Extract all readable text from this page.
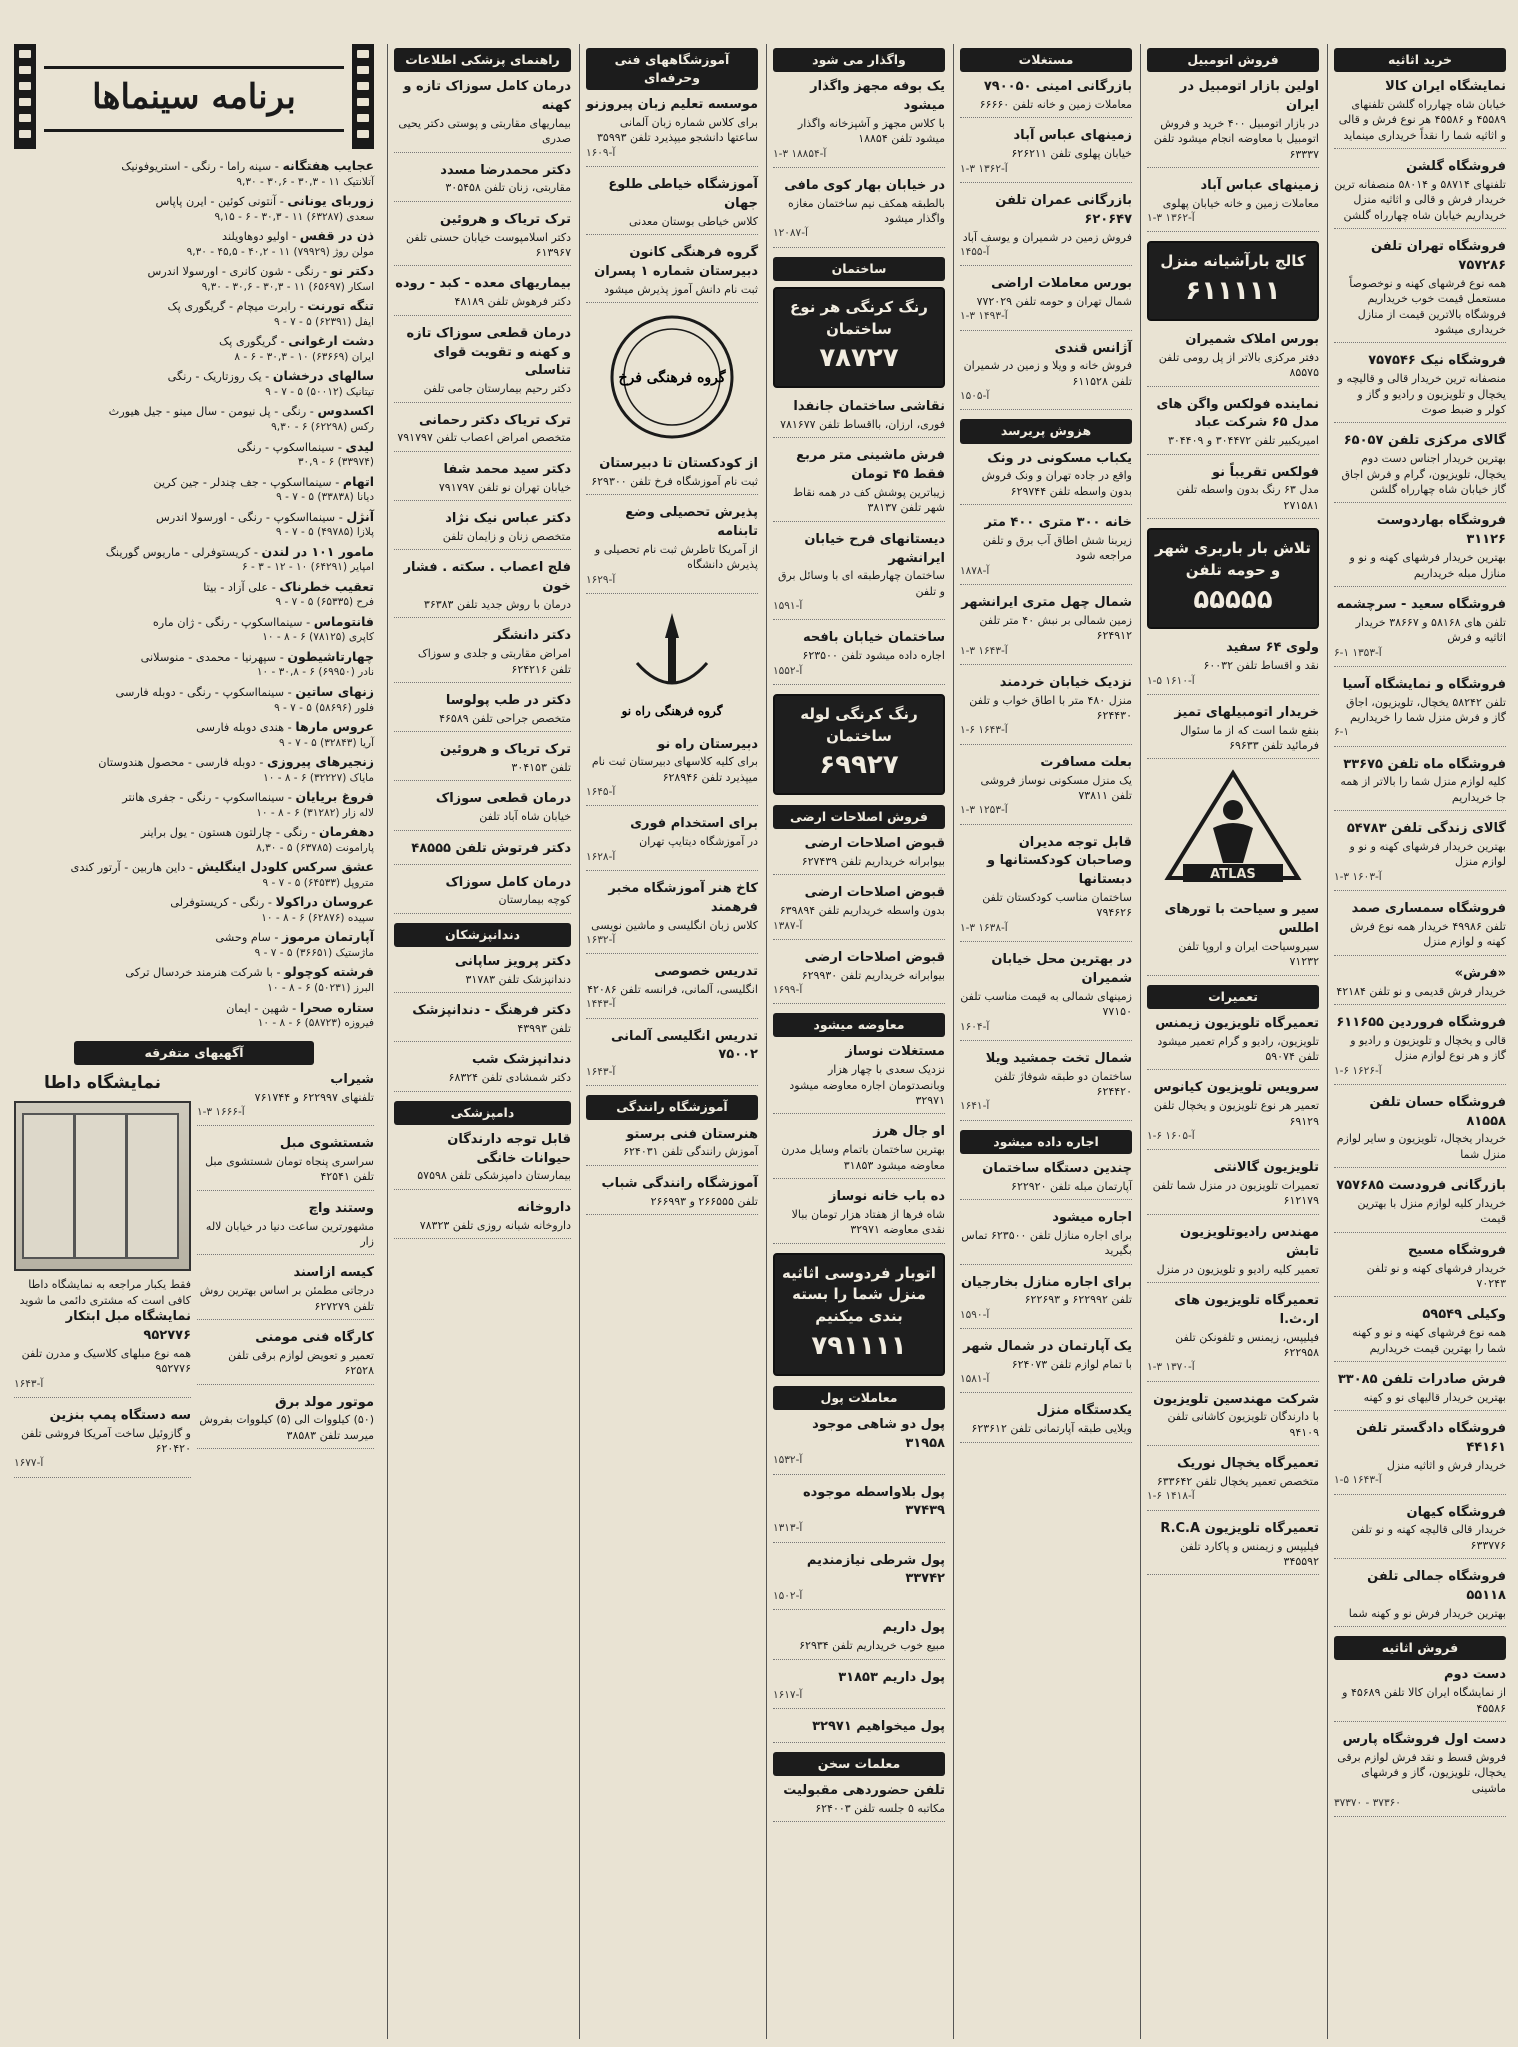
خرید اثاثیه
نمایشگاه ایران کالا
خیابان شاه چهارراه گلشن تلفنهای ۴۵۵۸۹ و ۴۵۵۸۶ هر نوع فرش و قالی و اثاثیه شما را نقداً خریداری مینماید
فروشگاه گلشن
تلفنهای ۵۸۷۱۴ و ۵۸۰۱۴ منصفانه ترین خریدار فرش و قالی و اثاثیه منزل خریداریم خیابان شاه چهارراه گلشن
فروشگاه تهران تلفن ۷۵۷۲۸۶
همه نوع فرشهای کهنه و نوخصوصاً مستعمل قیمت خوب خریداریم فروشگاه بالاترین قیمت از منازل خریداری میشود
فروشگاه نیک ۷۵۷۵۴۶
منصفانه ترین خریدار قالی و قالیچه و یخچال و تلویزیون و رادیو و گاز و کولر و ضبط صوت
گالای مرکزی تلفن ۶۵۰۵۷
بهترین خریدار اجناس دست دوم یخچال، تلویزیون، گرام و فرش اجاق گاز خیابان شاه چهارراه گلشن
فروشگاه بهاردوست ۳۱۱۲۶
بهترین خریدار فرشهای کهنه و نو و منازل مبله خریداریم
فروشگاه سعید - سرچشمه
تلفن های ۵۸۱۶۸ و ۳۸۶۶۷ خریدار اثاثیه و فرش
۶-۱ آ-۱۳۵۳
فروشگاه و نمایشگاه آسیا
تلفن ۵۸۲۴۲ یخچال، تلویزیون، اجاق گاز و فرش منزل شما را خریداریم
۶-۱
فروشگاه ماه تلفن ۳۳۶۷۵
کلیه لوازم منزل شما را بالاتر از همه جا خریداریم
گالای زندگی تلفن ۵۴۷۸۳
بهترین خریدار فرشهای کهنه و نو و لوازم منزل
۱-۳ آ-۱۶۰۳
فروشگاه سمساری صمد
تلفن ۴۹۹۸۶ خریدار همه نوع فرش کهنه و لوازم منزل
«فرش»
خریدار فرش قدیمی و نو تلفن ۴۲۱۸۴
فروشگاه فروردین ۶۱۱۶۵۵
قالی و یخچال و تلویزیون و رادیو و گاز و هر نوع لوازم منزل
۱-۶ آ-۱۶۲۶
فروشگاه حسان تلفن ۸۱۵۵۸
خریدار یخچال، تلویزیون و سایر لوازم منزل شما
بازرگانی فرودست ۷۵۷۶۸۵
خریدار کلیه لوازم منزل با بهترین قیمت
فروشگاه مسیح
خریدار فرشهای کهنه و نو تلفن ۷۰۲۴۳
وکیلی ۵۹۵۴۹
همه نوع فرشهای کهنه و نو و کهنه شما را بهترین قیمت خریداریم
فرش صادرات تلفن ۳۳۰۸۵
بهترین خریدار قالیهای نو و کهنه
فروشگاه دادگستر تلفن ۴۴۱۶۱
خریدار فرش و اثاثیه منزل
۱-۵ آ-۱۶۴۳
فروشگاه کیهان
خریدار قالی قالیچه کهنه و نو تلفن ۶۳۳۷۷۶
فروشگاه جمالی تلفن ۵۵۱۱۸
بهترین خریدار فرش نو و کهنه شما
فروش اثاثیه
دست دوم
از نمایشگاه ایران کالا تلفن ۴۵۶۸۹ و ۴۵۵۸۶
دست اول فروشگاه پارس
فروش قسط و نقد فرش لوازم برقی یخچال، تلویزیون، گاز و فرشهای ماشینی
۳۷۳۷۰ - ۳۷۳۶۰
فروش اتومبیل
اولین بازار اتومبیل در ایران
در بازار اتومبیل ۴۰۰ خرید و فروش اتومبیل با معاوضه انجام میشود تلفن ۶۳۳۳۷
زمینهای عباس آباد
معاملات زمین و خانه خیابان پهلوی
۱-۳ آ-۱۳۶۲
کالج بارآشیانه منزل
۶۱۱۱۱۱
بورس املاک شمیران
دفتر مرکزی بالاتر از پل رومی تلفن ۸۵۵۷۵
نماینده فولکس واگن های مدل ۶۵ شرکت عباد
امیریکبیر تلفن ۳۰۴۴۷۲ و ۳۰۴۴۰۹
فولکس تقریباً نو
مدل ۶۳ رنگ بدون واسطه تلفن ۲۷۱۵۸۱
تلاش بار باربری شهر و حومه تلفن
۵۵۵۵۵
ولوی ۶۴ سفید
نقد و اقساط تلفن ۶۰۰۳۲
۱-۵ آ-۱۶۱۰
خریدار اتومبیلهای تمیز
بنفع شما است که از ما سئوال فرمائید تلفن ۶۹۶۳۳
ATLAS
سیر و سیاحت با تورهای اطلس
سیروسیاحت ایران و اروپا تلفن ۷۱۲۳۲
تعمیرات
تعمیرگاه تلویزیون زیمنس
تلویزیون، رادیو و گرام تعمیر میشود تلفن ۵۹۰۷۴
سرویس تلویزیون کیانوس
تعمیر هر نوع تلویزیون و یخچال تلفن ۶۹۱۲۹
۱-۶ آ-۱۶۰۵
تلویزیون گالانتی
تعمیرات تلویزیون در منزل شما تلفن ۶۱۲۱۷۹
مهندس رادیوتلویزیون تابش
تعمیر کلیه رادیو و تلویزیون در منزل
تعمیرگاه تلویزیون های ار.ث.ا
فیلیپس، زیمنس و تلفونکن تلفن ۶۲۲۹۵۸
۱-۳ آ-۱۳۷۰
شرکت مهندسین تلویزیون
با دارندگان تلویزیون کاشانی تلفن ۹۴۱۰۹
تعمیرگاه یخچال نوریک
متخصص تعمیر یخچال تلفن ۶۳۳۶۴۲
۱-۶ آ-۱۴۱۸
تعمیرگاه تلویزیون R.C.A
فیلیپس و زیمنس و پاکارد تلفن ۳۴۵۵۹۲
مستغلات
بازرگانی امینی ۷۹۰۰۵۰
معاملات زمین و خانه تلفن ۶۶۶۶۰
زمینهای عباس آباد
خیابان پهلوی تلفن ۶۲۶۲۱۱
۱-۳ آ-۱۳۶۲
بازرگانی عمران تلفن ۶۲۰۶۴۷
فروش زمین در شمیران و یوسف آباد
آ-۱۴۵۵
بورس معاملات اراضی
شمال تهران و حومه تلفن ۷۷۲۰۲۹
۱-۳ آ-۱۴۹۳
آژانس قندی
فروش خانه و ویلا و زمین در شمیران تلفن ۶۱۱۵۲۸
آ-۱۵۰۵
هزوش پریرسد
یکباب مسکونی در ونک
واقع در جاده تهران و ونک فروش بدون واسطه تلفن ۶۲۹۷۴۴
خانه ۳۰۰ متری ۴۰۰ متر
زیربنا شش اطاق آب برق و تلفن مراجعه شود
آ-۱۸۷۸
شمال چهل متری ایرانشهر
زمین شمالی بر نبش ۴۰ متر تلفن ۶۲۴۹۱۲
۱-۳ آ-۱۶۴۳
نزدیک خیابان خردمند
منزل ۴۸۰ متر با اطاق خواب و تلفن ۶۲۴۴۳۰
۱-۶ آ-۱۶۴۳
بعلت مسافرت
یک منزل مسکونی نوساز فروشی تلفن ۷۳۸۱۱
۱-۳ آ-۱۲۵۳
قابل توجه مدیران وصاحبان کودکستانها و دبستانها
ساختمان مناسب کودکستان تلفن ۷۹۴۶۲۶
۱-۳ آ-۱۶۳۸
در بهترین محل خیابان شمیران
زمینهای شمالی به قیمت مناسب تلفن ۷۷۱۵۰
آ-۱۶۰۴
شمال تخت جمشید ویلا
ساختمان دو طبقه شوفاژ تلفن ۶۲۴۴۲۰
آ-۱۶۴۱
اجاره داده میشود
چندین دستگاه ساختمان
آپارتمان مبله تلفن ۶۲۲۹۲۰
اجاره میشود
برای اجاره منازل تلفن ۶۲۳۵۰۰ تماس بگیرید
برای اجاره منازل بخارجیان
تلفن ۶۲۲۹۹۲ و ۶۲۲۶۹۳
آ-۱۵۹۰
یک آپارتمان در شمال شهر
با تمام لوازم تلفن ۶۲۴۰۷۳
آ-۱۵۸۱
یکدستگاه منزل
ویلایی طبقه آپارتمانی تلفن ۶۲۳۶۱۲
واگذار می شود
یک بوفه مجهز واگذار میشود
با کلاس مجهز و آشپزخانه واگذار میشود تلفن ۱۸۸۵۴
۱-۳ آ-۱۸۸۵۴
در خیابان بهار کوی مافی
بالطبقه همکف نیم ساختمان مغازه واگذار میشود
آ-۱۲۰۸۷
ساختمان
رنگ کرنگی هر نوع ساختمان
۷۸۷۲۷
نقاشی ساختمان جانفدا
فوری، ارزان، بااقساط تلفن ۷۸۱۶۷۷
فرش ماشینی متر مربع فقط ۴۵ تومان
زیباترین پوشش کف در همه نقاط شهر تلفن ۳۸۱۳۷
دیستانهای فرح خیابان ایرانشهر
ساختمان چهارطبقه ای با وسائل برق و تلفن
آ-۱۵۹۱
ساختمان خیابان بافحه
اجاره داده میشود تلفن ۶۲۳۵۰۰
آ-۱۵۵۲
رنگ کرنگی لوله ساختمان
۶۹۹۲۷
فروش اصلاحات ارضی
قبوض اصلاحات ارضی
بیوابرانه خریداریم تلفن ۶۲۷۴۳۹
قبوض اصلاحات ارضی
بدون واسطه خریداریم تلفن ۶۳۹۸۹۴
آ-۱۳۸۷
قبوض اصلاحات ارضی
بیوابرانه خریداریم تلفن ۶۲۹۹۳۰
آ-۱۶۹۹
معاوضه میشود
مستغلات نوساز
نزدیک سعدی با چهار هزار وبانصدتومان اجاره معاوضه میشود ۳۲۹۷۱
او جال هرز
بهترین ساختمان باتمام وسایل مدرن معاوضه میشود ۳۱۸۵۳
ده باب خانه نوساز
شاه فرها از هفتاد هزار تومان ببالا نقدی معاوضه ۳۲۹۷۱
اتوبار فردوسی اثاثیه منزل شما را بسته بندی میکنیم
۷۹۱۱۱۱
معاملات پول
پول دو شاهی موجود ۳۱۹۵۸
آ-۱۵۳۲
پول بلاواسطه موجوده ۳۷۴۳۹
آ-۱۳۱۳
پول شرطی نیازمندیم ۳۳۷۴۲
آ-۱۵۰۲
پول داریم
مبیع خوب خریداریم تلفن ۶۲۹۳۴
پول داریم ۳۱۸۵۳
آ-۱۶۱۷
پول میخواهیم ۳۲۹۷۱
معلمات سخن
تلفن حضوردهی مقبولیت
مکاتبه ۵ جلسه تلفن ۶۲۴۰۰۳
آموزشگاههای فنی وحرفه‌ای
موسسه تعلیم زبان پیروزنو
برای کلاس شماره زبان آلمانی ساعتها دانشجو میپذیرد تلفن ۳۵۹۹۳
آ-۱۶۰۹
آموزشگاه خیاطی طلوع جهان
کلاس خیاطی بوستان معدنی
گروه فرهنگی کانون دبیرستان شماره ۱ پسران
ثبت نام دانش آموز پذیرش میشود
گروه فرهنگی فرخ
از کودکستان تا دبیرستان
ثبت نام آموزشگاه فرخ تلفن ۶۲۹۳۰۰
پذیرش تحصیلی وضع تابنامه
از آمریکا تاطرش ثبت نام تحصیلی و پذیرش دانشگاه
آ-۱۶۲۹
گروه فرهنگی راه نو
دبیرستان راه نو
برای کلیه کلاسهای دبیرستان ثبت نام میپذیرد تلفن ۶۲۸۹۴۶
آ-۱۶۴۵
برای استخدام فوری
در آموزشگاه دیتایپ تهران
آ-۱۶۲۸
کاخ هنر آموزشگاه مخبر فرهمند
کلاس زبان انگلیسی و ماشین نویسی
آ-۱۶۳۲
تدریس خصوصی
انگلیسی، آلمانی، فرانسه تلفن ۴۲۰۸۶
آ-۱۴۴۳
تدریس انگلیسی آلمانی ۷۵۰۰۲
آ-۱۶۴۳
آموزشگاه رانندگی
هنرستان فنی برستو
آموزش رانندگی تلفن ۶۲۴۰۳۱
آموزشگاه رانندگی شباب
تلفن ۲۶۶۵۵۵ و ۲۶۶۹۹۳
راهنمای پزشکی اطلاعات
درمان کامل سوزاک تازه و کهنه
بیماریهای مقاربتی و پوستی دکتر یحیی صدری
دکتر محمدرضا مسدد
مقاربتی، زنان تلفن ۳۰۵۴۵۸
ترک تریاک و هروئین
دکتر اسلامپوست خیابان حسنی تلفن ۶۱۳۹۶۷
بیماریهای معده - کبد - روده
دکتر فرهوش تلفن ۴۸۱۸۹
درمان قطعی سوزاک تازه و کهنه و تقویت قوای تناسلی
دکتر رحیم بیمارستان جامی تلفن
ترک تریاک دکتر رحمانی
متخصص امراض اعصاب تلفن ۷۹۱۷۹۷
دکتر سید محمد شفا
خیابان تهران نو تلفن ۷۹۱۷۹۷
دکتر عباس نیک نژاد
متخصص زنان و زایمان تلفن
فلج اعصاب . سکته . فشار خون
درمان با روش جدید تلفن ۳۶۳۸۳
دکتر دانشگر
امراض مقاربتی و جلدی و سوزاک تلفن ۶۲۴۲۱۶
دکتر در طب پولوسا
متخصص جراحی تلفن ۴۶۵۸۹
ترک تریاک و هروئین
تلفن ۳۰۴۱۵۳
درمان قطعی سوزاک
خیابان شاه آباد تلفن
دکتر فرتوش تلفن ۴۸۵۵۵
درمان کامل سوزاک
کوچه بیمارستان
دندانپزشکان
دکتر پرویز ساپانی
دندانپزشک تلفن ۳۱۷۸۳
دکتر فرهنگ - دندانپزشک
تلفن ۴۳۹۹۳
دندانپزشک شب
دکتر شمشادی تلفن ۶۸۳۲۴
دامپزشکی
قابل توجه دارندگان حیوانات خانگی
بیمارستان دامپزشکی تلفن ۵۷۵۹۸
داروخانه
داروخانه شبانه روزی تلفن ۷۸۳۲۳
برنامه سینماها
عجایب هفتگانه - سینه راما - رنگی - استریوفونیک
آتلانتیک ۱۱ - ۳۰,۳ - ۳۰,۶ - ۹,۳۰
زوربای یونانی - آنتونی کوئین - ایرن پاپاس
سعدی (۶۳۲۸۷) ۱۱ - ۳۰,۳ - ۶ - ۹,۱۵
ذن در قفس - اولیو دوهاویلند
مولن روژ (۷۹۹۲۹) ۱۱ - ۴۰,۲ - ۴۵,۵ - ۹,۳۰
دکتر نو - رنگی - شون کانری - اورسولا اندرس
اسکار (۶۵۶۹۷) ۱۱ - ۳۰,۳ - ۳۰,۶ - ۹,۳۰
تنگه تورنت - رابرت میچام - گریگوری پک
ایفل (۶۲۳۹۱) ۵ - ۷ - ۹
دشت ارغوانی - گریگوری پک
ایران (۶۳۶۶۹) ۱۰ - ۳۰,۳ - ۶ - ۸
سالهای درخشان - یک روزتاریک - رنگی
تیتانیک (۵۰۰۱۲) ۵ - ۷ - ۹
اکسدوس - رنگی - پل نیومن - سال مینو - جیل هیورث
رکس (۶۲۲۹۸) ۶ - ۹,۳۰
لیدی - سینمااسکوپ - رنگی
(۳۳۹۷۴) ۶ - ۳۰,۹
اتهام - سینمااسکوپ - جف چندلر - جین کرین
دیانا (۳۳۸۳۸) ۵ - ۷ - ۹
آنژل - سینمااسکوپ - رنگی - اورسولا اندرس
پلازا (۴۹۷۸۵) ۵ - ۷ - ۹
مامور ۱۰۱ در لندن - کریستوفرلی - ماریوس گورینگ
امپایر (۶۴۲۹۱) ۱۰ - ۱۲ - ۳ - ۶
تعقیب خطرناک - علی آزاد - بیتا
فرح (۶۵۳۳۵) ۵ - ۷ - ۹
فانتوماس - سینمااسکوپ - رنگی - ژان ماره
کاپری (۷۸۱۲۵) ۶ - ۸ - ۱۰
چهارتاشیطون - سپهرنیا - محمدی - منوسلانی
نادر (۶۹۹۵۰) ۶ - ۳۰,۸ - ۱۰
زنهای ساتین - سینمااسکوپ - رنگی - دوبله فارسی
فلور (۵۸۶۹۶) ۵ - ۷ - ۹
عروس مارها - هندی دوبله فارسی
آریا (۳۲۸۴۳) ۵ - ۷ - ۹
زنجیرهای پیروزی - دوبله فارسی - محصول هندوستان
مایاک (۳۲۲۲۷) ۶ - ۸ - ۱۰
فروغ بریایان - سینمااسکوپ - رنگی - جفری هانتر
لاله زار (۳۱۲۸۲) ۶ - ۸ - ۱۰
دهفرمان - رنگی - چارلتون هستون - یول براینر
پارامونت (۶۳۷۸۵) ۵ - ۸,۳۰
عشق سرکس کلودل اینگلیش - داین هاربین - آرتور کندی
متروپل (۶۴۵۳۳) ۵ - ۷ - ۹
عروسان دراکولا - رنگی - کریستوفرلی
سپیده (۶۲۸۷۶) ۶ - ۸ - ۱۰
آپارتمان مرموز - سام وحشی
ماژستیک (۳۶۶۵۱) ۵ - ۷ - ۹
فرشته کوچولو - با شرکت هنرمند خردسال ترکی
البرز (۵۰۲۳۱) ۶ - ۸ - ۱۰
ستاره صحرا - شهین - ایمان
فیروزه (۵۸۷۲۳) ۶ - ۸ - ۱۰
آگهیهای متفرقه
شیراب
تلفنهای ۶۲۲۹۹۷ و ۷۶۱۷۴۴
۱-۳ آ-۱۶۶۶
شستشوی مبل
سراسری پنجاه تومان شستشوی مبل تلفن ۴۲۵۴۱
وستند واچ
مشهورترین ساعت دنیا در خیابان لاله زار
کیسه ازاسند
درجاتی مطمئن بر اساس بهترین روش تلفن ۶۲۷۲۷۹
کارگاه فنی مومنی
تعمیر و تعویض لوازم برقی تلفن ۶۲۵۲۸
موتور مولد برق
(۵۰) کیلووات الی (۵) کیلووات بفروش میرسد تلفن ۳۸۵۸۳
نمایشگاه داطا
فقط یکبار مراجعه به نمایشگاه داطا کافی است که مشتری دائمی ما شوید
نمایشگاه مبل ابتکار ۹۵۲۷۷۶
همه نوع مبلهای کلاسیک و مدرن تلفن ۹۵۲۷۷۶
آ-۱۶۴۳
سه دستگاه پمپ بنزین
و گازوئیل ساخت آمریکا فروشی تلفن ۶۲۰۴۲۰
آ-۱۶۷۷
